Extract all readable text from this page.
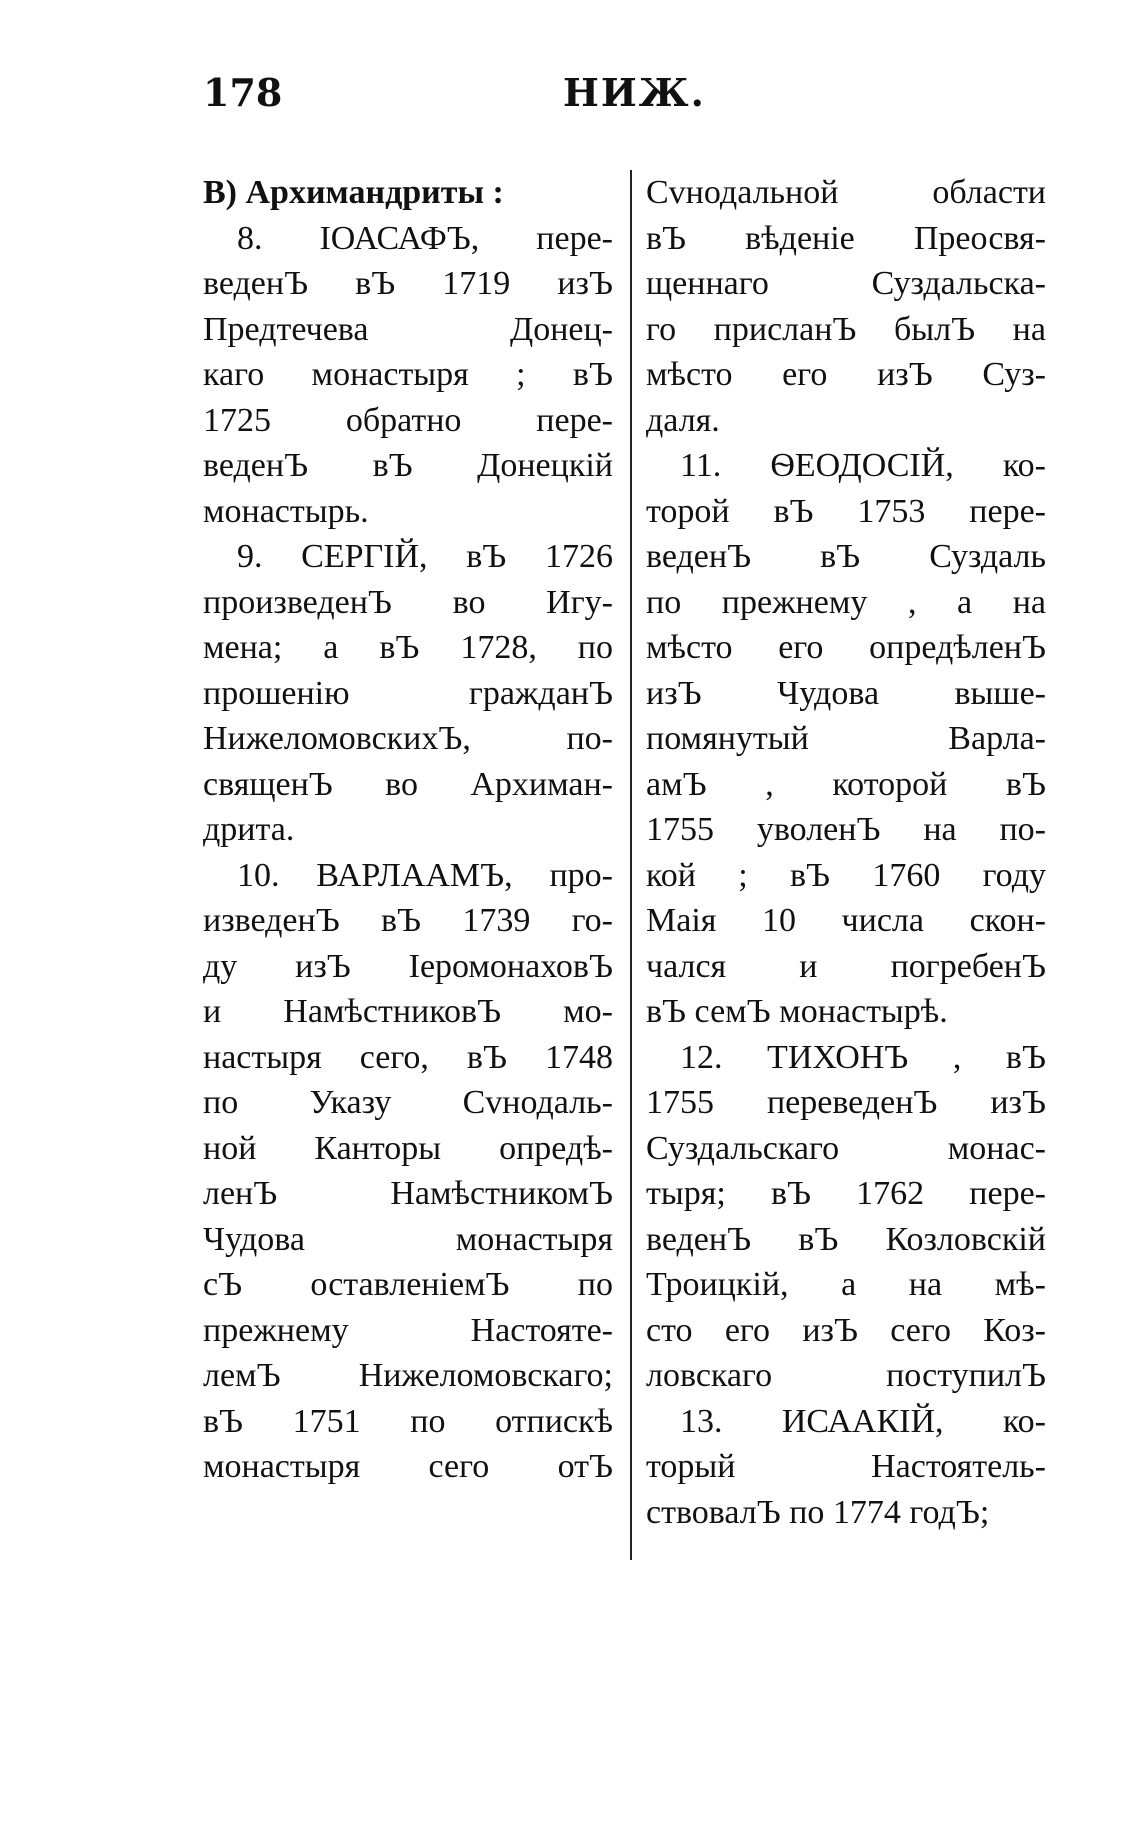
178	НИЖ.
В) Архимандриты :
8. ІОАСАФЪ, пере-
веденЪ вЪ 1719 изЪ
Предтечева	Донец-
каго монастыря ; вЪ
1725 обратно пере-
веденЪ вЪ Донецкій
монастырь.
9. СЕРГІЙ, вЪ 1726
произведенЪ во Игу-
мена; а вЪ 1728, по
прошенію	гражданЪ
НижеломовскихЪ,	по-
священЪ во Архиман-
дрита.
10. ВАРЛААМЪ, про-
изведенЪ вЪ 1739 го-
ду изЪ ІеромонаховЪ
и НамѣстниковЪ мо-
настыря сего, вЪ 1748
по Указу Сvнодаль-
ной Канторы опредѣ-
ленЪ	НамѣстникомЪ
Чудова	монастыря
сЪ оставленіемЪ по
прежнему	Настояте-
лемЪ Нижеломовскаго;
вЪ 1751 по отпискѣ
монастыря сего отЪ
Сvнодальной	области
вЪ вѣденіе Преосвя-
щеннаго	Суздальска-
го присланЪ былЪ на
мѣсто его изЪ Суз-
даля.
11. ѲЕОДОСІЙ, ко-
торой вЪ 1753 пере-
веденЪ вЪ Суздаль
по прежнему , а на
мѣсто его опредѣленЪ
изЪ Чудова выше-
помянутый	Варла-
амЪ , которой вЪ
1755 уволенЪ на по-
кой ; вЪ 1760 году
Маія 10 числа скон-
чался и погребенЪ
вЪ семЪ монастырѣ.
12. ТИХОНЪ , вЪ
1755 переведенЪ изЪ
Суздальскаго	монас-
тыря; вЪ 1762 пере-
веденЪ вЪ Козловскій
Троицкій, а на мѣ-
сто его изЪ сего Коз-
ловскаго	поступилЪ
13. ИСААКІЙ, ко-
торый	Настоятель-
ствовалЪ по 1774 годЪ;
